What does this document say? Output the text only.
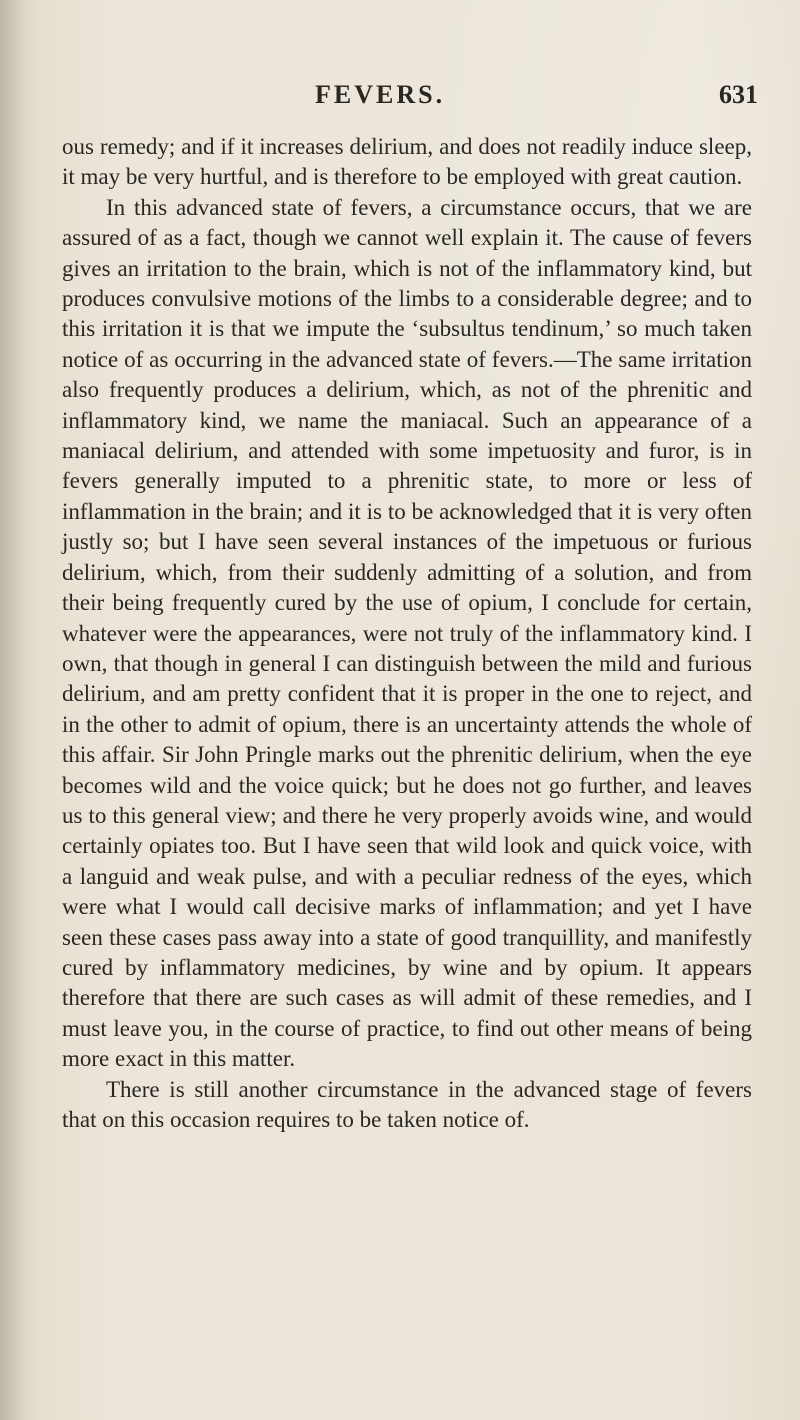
FEVERS.	631

ous remedy; and if it increases delirium, and does not readily induce sleep, it may be very hurtful, and is therefore to be employed with great caution.

In this advanced state of fevers, a circumstance occurs, that we are assured of as a fact, though we cannot well explain it. The cause of fevers gives an irritation to the brain, which is not of the inflammatory kind, but produces convulsive motions of the limbs to a considerable degree; and to this irritation it is that we impute the ‘subsultus tendinum,’ so much taken notice of as occurring in the advanced state of fevers.—The same irritation also frequently produces a delirium, which, as not of the phrenitic and inflammatory kind, we name the maniacal. Such an appearance of a maniacal delirium, and attended with some impetuosity and furor, is in fevers generally imputed to a phrenitic state, to more or less of inflammation in the brain; and it is to be acknowledged that it is very often justly so; but I have seen several instances of the impetuous or furious delirium, which, from their suddenly admitting of a solution, and from their being frequently cured by the use of opium, I conclude for certain, whatever were the appearances, were not truly of the inflammatory kind. I own, that though in general I can distinguish between the mild and furious delirium, and am pretty confident that it is proper in the one to reject, and in the other to admit of opium, there is an uncertainty attends the whole of this affair. Sir John Pringle marks out the phrenitic delirium, when the eye becomes wild and the voice quick; but he does not go further, and leaves us to this general view; and there he very properly avoids wine, and would certainly opiates too. But I have seen that wild look and quick voice, with a languid and weak pulse, and with a peculiar redness of the eyes, which were what I would call decisive marks of inflammation; and yet I have seen these cases pass away into a state of good tranquillity, and manifestly cured by inflammatory medicines, by wine and by opium. It appears therefore that there are such cases as will admit of these remedies, and I must leave you, in the course of practice, to find out other means of being more exact in this matter.

There is still another circumstance in the advanced stage of fevers that on this occasion requires to be taken notice of.
